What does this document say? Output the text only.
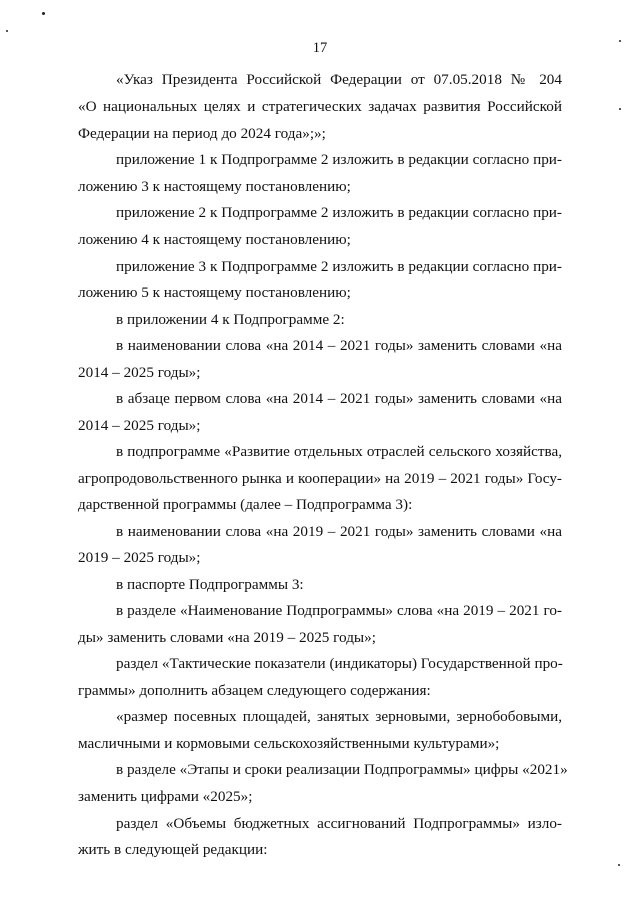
17
«Указ Президента Российской Федерации от 07.05.2018 № 204
«О национальных целях и стратегических задачах развития Российской
Федерации на период до 2024 года»;»;
приложение 1 к Подпрограмме 2 изложить в редакции согласно при-
ложению 3 к настоящему постановлению;
приложение 2 к Подпрограмме 2 изложить в редакции согласно при-
ложению 4 к настоящему постановлению;
приложение 3 к Подпрограмме 2 изложить в редакции согласно при-
ложению 5 к настоящему постановлению;
в приложении 4 к Подпрограмме 2:
в наименовании слова «на 2014 – 2021 годы» заменить словами «на
2014 – 2025 годы»;
в абзаце первом слова «на 2014 – 2021 годы» заменить словами «на
2014 – 2025 годы»;
в подпрограмме «Развитие отдельных отраслей сельского хозяйства,
агропродовольственного рынка и кооперации» на 2019 – 2021 годы» Госу-
дарственной программы (далее – Подпрограмма 3):
в наименовании слова «на 2019 – 2021 годы» заменить словами «на
2019 – 2025 годы»;
в паспорте Подпрограммы 3:
в разделе «Наименование Подпрограммы» слова «на 2019 – 2021 го-
ды» заменить словами «на 2019 – 2025 годы»;
раздел «Тактические показатели (индикаторы) Государственной про-
граммы» дополнить абзацем следующего содержания:
«размер посевных площадей, занятых зерновыми, зернобобовыми,
масличными и кормовыми сельскохозяйственными культурами»;
в разделе «Этапы и сроки реализации Подпрограммы» цифры «2021»
заменить цифрами «2025»;
раздел «Объемы бюджетных ассигнований Подпрограммы» изло-
жить в следующей редакции:
